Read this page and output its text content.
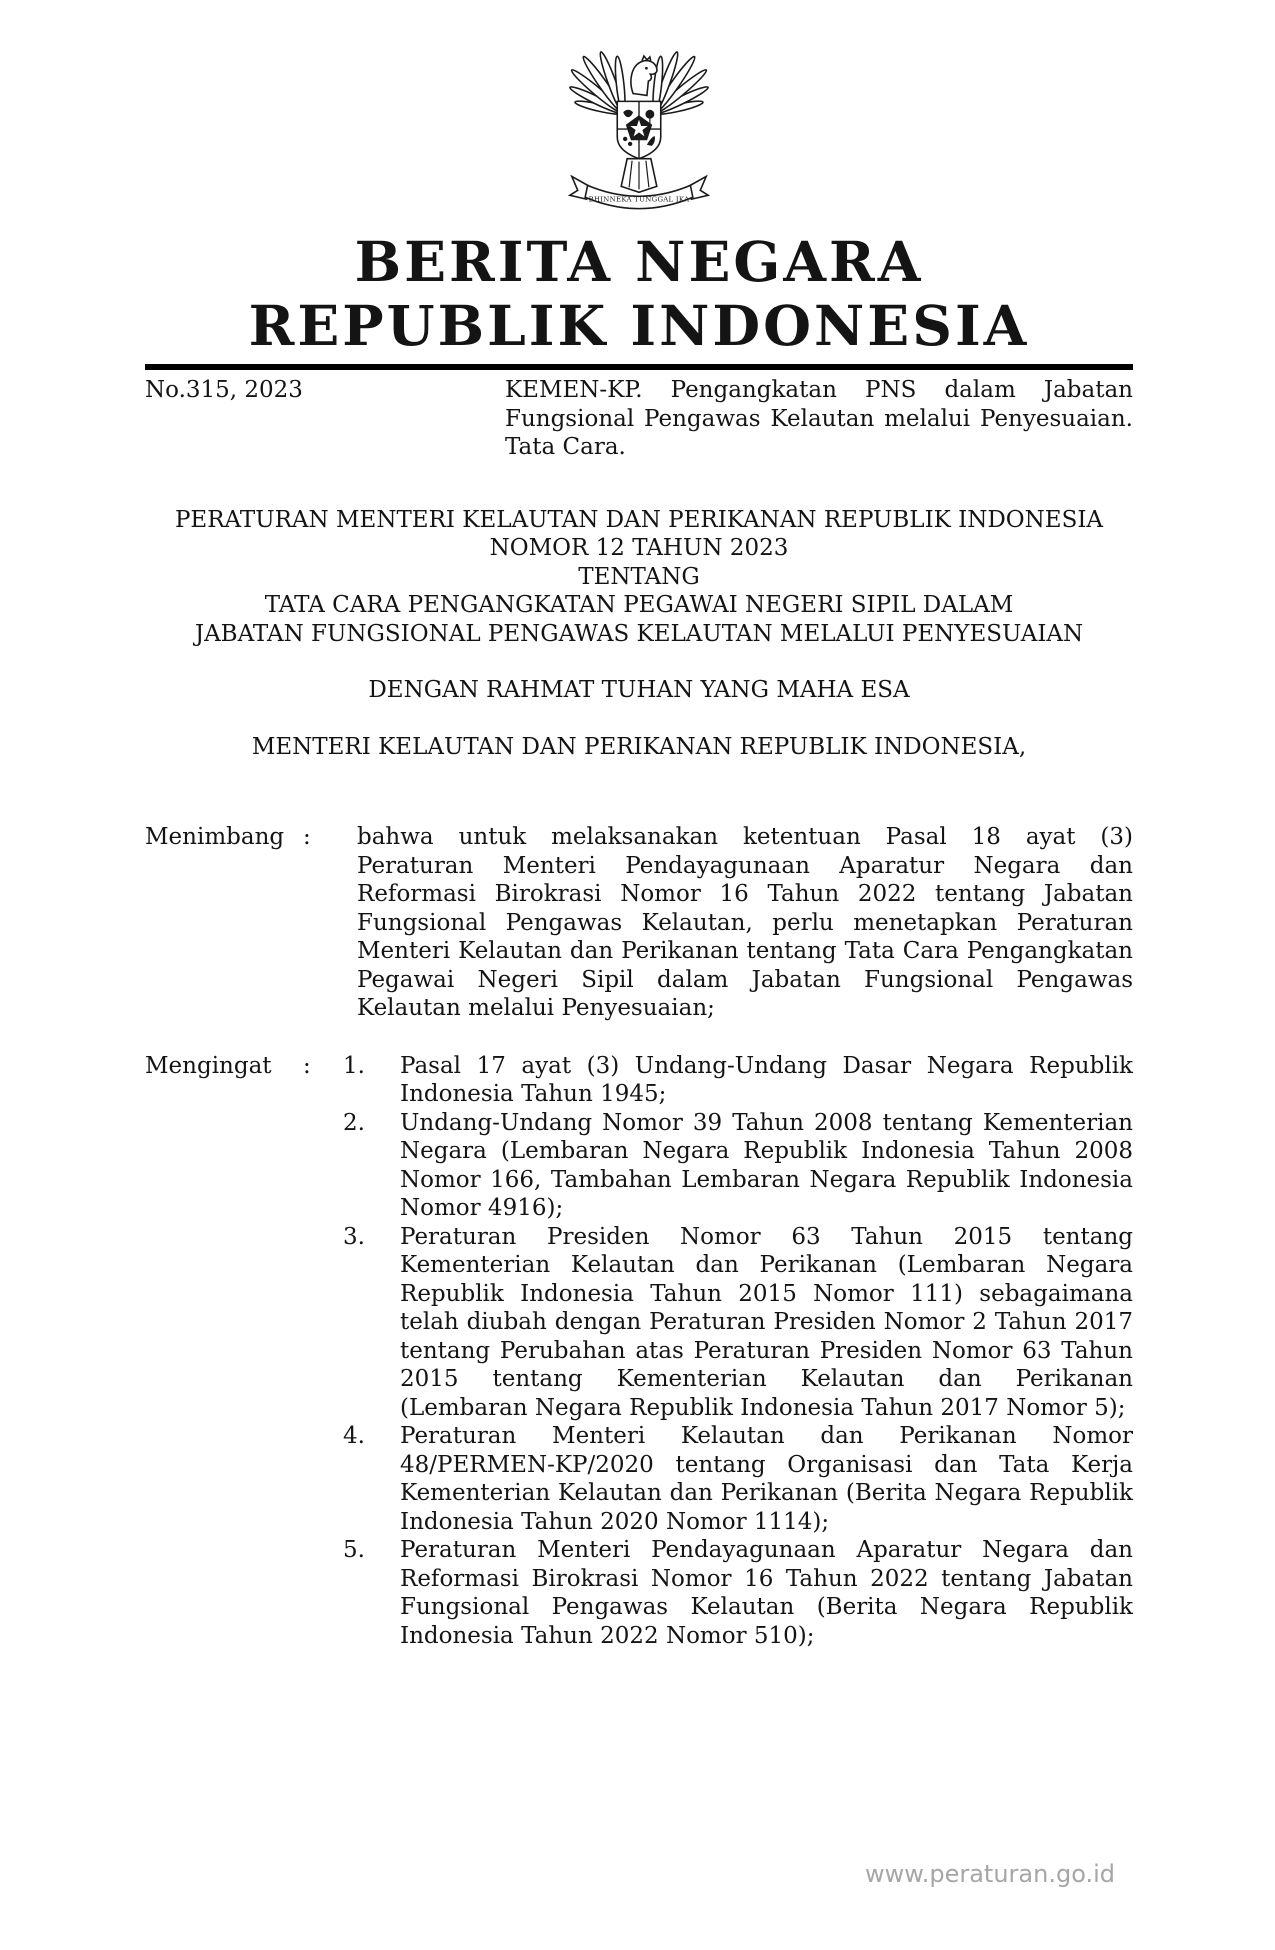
BHINNEKA TUNGGAL IKA
BERITA NEGARA
REPUBLIK INDONESIA
No.315, 2023	KEMEN-KP. Pengangkatan PNS dalam Jabatan Fungsional Pengawas Kelautan melalui Penyesuaian. Tata Cara.
PERATURAN MENTERI KELAUTAN DAN PERIKANAN REPUBLIK INDONESIA
NOMOR 12 TAHUN 2023
TENTANG
TATA CARA PENGANGKATAN PEGAWAI NEGERI SIPIL DALAM
JABATAN FUNGSIONAL PENGAWAS KELAUTAN MELALUI PENYESUAIAN
DENGAN RAHMAT TUHAN YANG MAHA ESA
MENTERI KELAUTAN DAN PERIKANAN REPUBLIK INDONESIA,
Menimbang :	bahwa untuk melaksanakan ketentuan Pasal 18 ayat (3) Peraturan Menteri Pendayagunaan Aparatur Negara dan Reformasi Birokrasi Nomor 16 Tahun 2022 tentang Jabatan Fungsional Pengawas Kelautan, perlu menetapkan Peraturan Menteri Kelautan dan Perikanan tentang Tata Cara Pengangkatan Pegawai Negeri Sipil dalam Jabatan Fungsional Pengawas Kelautan melalui Penyesuaian;
Mengingat	:	1.	Pasal 17 ayat (3) Undang-Undang Dasar Negara Republik Indonesia Tahun 1945;
2.	Undang-Undang Nomor 39 Tahun 2008 tentang Kementerian Negara (Lembaran Negara Republik Indonesia Tahun 2008 Nomor 166, Tambahan Lembaran Negara Republik Indonesia Nomor 4916);
3.	Peraturan Presiden Nomor 63 Tahun 2015 tentang Kementerian Kelautan dan Perikanan (Lembaran Negara Republik Indonesia Tahun 2015 Nomor 111) sebagaimana telah diubah dengan Peraturan Presiden Nomor 2 Tahun 2017 tentang Perubahan atas Peraturan Presiden Nomor 63 Tahun 2015 tentang Kementerian Kelautan dan Perikanan (Lembaran Negara Republik Indonesia Tahun 2017 Nomor 5);
4.	Peraturan Menteri Kelautan dan Perikanan Nomor 48/PERMEN-KP/2020 tentang Organisasi dan Tata Kerja Kementerian Kelautan dan Perikanan (Berita Negara Republik Indonesia Tahun 2020 Nomor 1114);
5.	Peraturan Menteri Pendayagunaan Aparatur Negara dan Reformasi Birokrasi Nomor 16 Tahun 2022 tentang Jabatan Fungsional Pengawas Kelautan (Berita Negara Republik Indonesia Tahun 2022 Nomor 510);
www.peraturan.go.id
